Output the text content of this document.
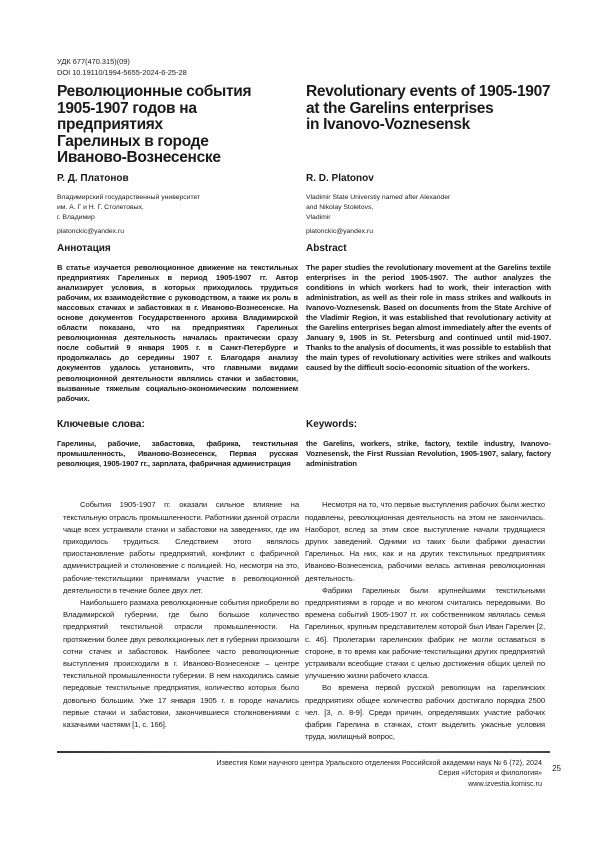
УДК 677(470.315)(09)
DOI 10.19110/1994-5655-2024-6-25-28
Революционные события
1905-1907 годов на предприятиях
Гарелиных в городе
Иваново-Вознесенске
Revolutionary events of 1905-1907
at the Garelins enterprises
in Ivanovo-Voznesensk
Р. Д. Платонов	R. D. Platonov
Владимирский государственный университет
им. А. Г и Н. Г. Столетовых,
г. Владимир
Vladimir State Universtiy named after Alexander
and Nikolay Stoletovs,
Vladimir
platonckic@yandex.ru	platonckic@yandex.ru
Аннотация	Abstract
В статье изучается революционное движение на текстильных предприятиях Гарелиных в период 1905-1907 гг. Автор анализирует условия, в которых приходилось трудиться рабочим, их взаимодействие с руководством, а также их роль в массовых стачках и забастовках в г. Иваново-Вознесенске. На основе документов Государственного архива Владимирской области показано, что на предприятиях Гарелиных революционная деятельность началась практически сразу после событий 9 января 1905 г. в Санкт-Петербурге и продолжалась до середины 1907 г. Благодаря анализу документов удалось установить, что главными видами революционной деятельности являлись стачки и забастовки, вызванные тяжелым социально-экономическим положением рабочих.
The paper studies the revolutionary movement at the Garelins textile enterprises in the period 1905-1907. The author analyzes the conditions in which workers had to work, their interaction with administration, as well as their role in mass strikes and walkouts in Ivanovo-Voznesensk. Based on documents from the State Archive of the Vladimir Region, it was established that revolutionary activity at the Garelins enterprises began almost immediately after the events of January 9, 1905 in St. Petersburg and continued until mid-1907. Thanks to the analysis of documents, it was possible to establish that the main types of revolutionary activities were strikes and walkouts caused by the difficult socio-economic situation of the workers.
Ключевые слова:	Keywords:
Гарелины, рабочие, забастовка, фабрика, текстильная промышленность, Иваново-Вознесенск, Первая русская революция, 1905-1907 гг., зарплата, фабричная администрация
the Garelins, workers, strike, factory, textile industry, Ivanovo-Voznesensk, the First Russian Revolution, 1905-1907, salary, factory administration

События 1905-1907 гг. оказали сильное влияние на текстильную отрасль промышленности. Работники данной отрасли чаще всех устраивали стачки и забастовки на заведениях, где им приходилось трудиться. Следствием этого являлось приостановление работы предприятий, конфликт с фабричной администрацией и столкновение с полицией. Но, несмотря на это, рабочие-текстильщики принимали участие в революционной деятельности в течение более двух лет.

Наибольшего размаха революционные события приобрели во Владимирской губернии, где было большое количество предприятий текстильной отрасли промышленности. На протяжении более двух революционных лет в губернии произошли сотни стачек и забастовок. Наиболее часто революционные выступления происходили в г. Иваново-Вознесенске – центре текстильной промышленности губернии. В нем находились самые передовые текстильные предприятия, количество которых было довольно большим. Уже 17 января 1905 г. в городе начались первые стачки и забастовки, закончившиеся столкновениями с казачьими частями [1, с. 166].

Несмотря на то, что первые выступления рабочих были жестко подавлены, революционная деятельность на этом не закончилась. Наоборот, вслед за этим свое выступление начали трудящиеся других заведений. Одними из таких были фабрики династии Гарелиных. На них, как и на других текстильных предприятиях Иваново-Вознесенска, рабочими велась активная революционная деятельность.

Фабрики Гарелиных были крупнейшими текстильными предприятиями в городе и во многом считались передовыми. Во времена событий 1905-1907 гг. их собственником являлась семья Гарелиных, крупным представителем которой был Иван Гарелин [2, с. 46]. Пролетарии гарелинских фабрик не могли оставаться в стороне, в то время как рабочие-текстильщики других предприятий устраивали всеобщие стачки с целью достижения общих целей по улучшению жизни рабочего класса.

Во времена первой русской революции на гарелинских предприятиях общее количество рабочих достигало порядка 2500 чел. [3, л. 8-9]. Среди причин, определявших участие рабочих фабрик Гарелина в стачках, стоит выделить ужасные условия труда, жилищный вопрос,

Известия Коми научного центра Уральского отделения Российской академии наук № 6 (72), 2024
Серия «История и филология»
www.izvestia.komisc.ru
25
